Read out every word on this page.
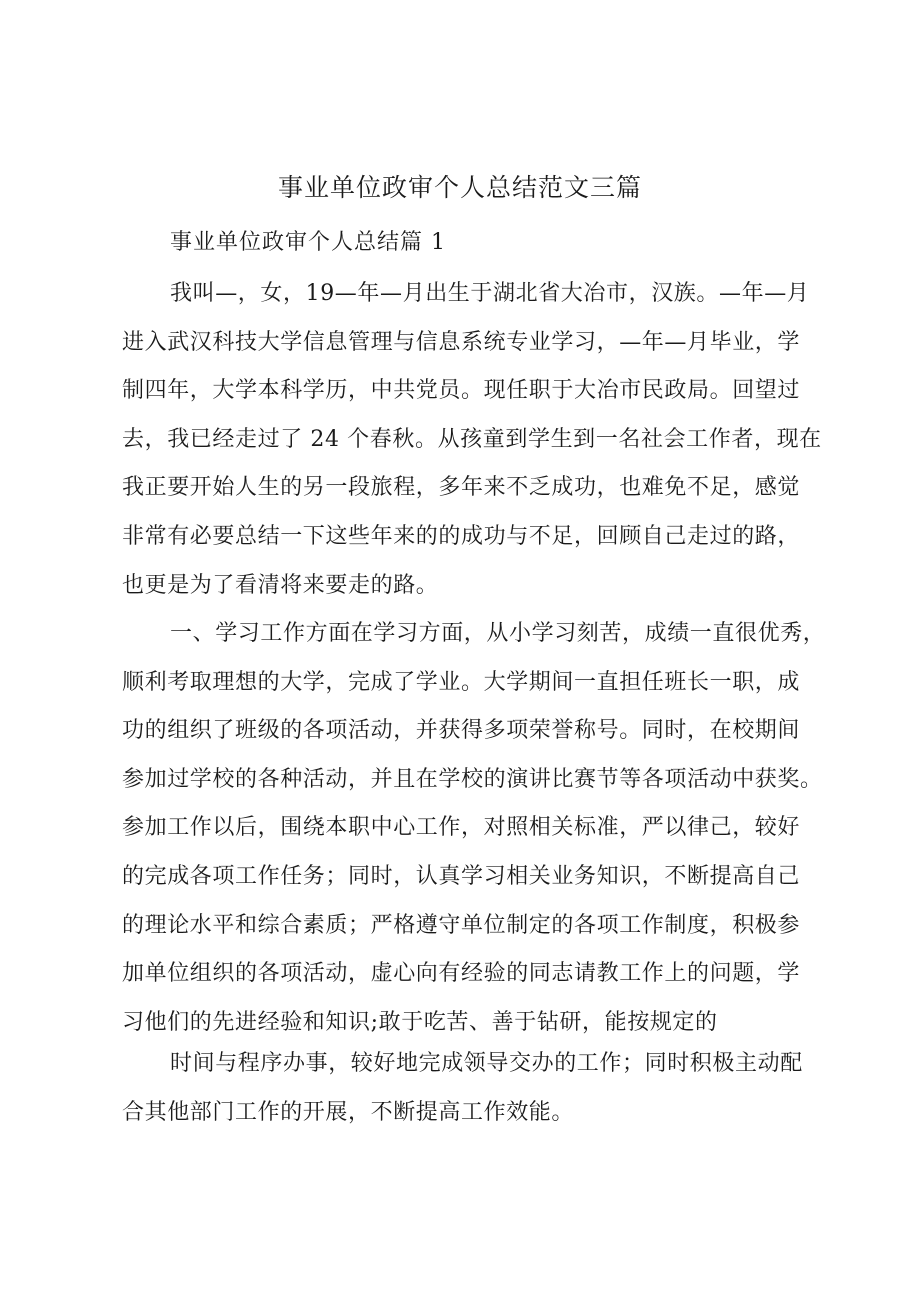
事业单位政审个人总结范文三篇

事业单位政审个人总结篇 1

我叫—，女，19—年—月出生于湖北省大冶市，汉族。—年—月
进入武汉科技大学信息管理与信息系统专业学习，—年—月毕业，学
制四年，大学本科学历，中共党员。现任职于大冶市民政局。回望过
去，我已经走过了 24 个春秋。从孩童到学生到一名社会工作者，现在
我正要开始人生的另一段旅程，多年来不乏成功，也难免不足，感觉
非常有必要总结一下这些年来的的成功与不足，回顾自己走过的路，
也更是为了看清将来要走的路。
一、学习工作方面在学习方面，从小学习刻苦，成绩一直很优秀，
顺利考取理想的大学，完成了学业。大学期间一直担任班长一职，成
功的组织了班级的各项活动，并获得多项荣誉称号。同时，在校期间
参加过学校的各种活动，并且在学校的演讲比赛节等各项活动中获奖。
参加工作以后，围绕本职中心工作，对照相关标准，严以律己，较好
的完成各项工作任务；同时，认真学习相关业务知识，不断提高自己
的理论水平和综合素质；严格遵守单位制定的各项工作制度，积极参
加单位组织的各项活动，虚心向有经验的同志请教工作上的问题，学
习他们的先进经验和知识;敢于吃苦、善于钻研，能按规定的
时间与程序办事，较好地完成领导交办的工作；同时积极主动配
合其他部门工作的开展，不断提高工作效能。
